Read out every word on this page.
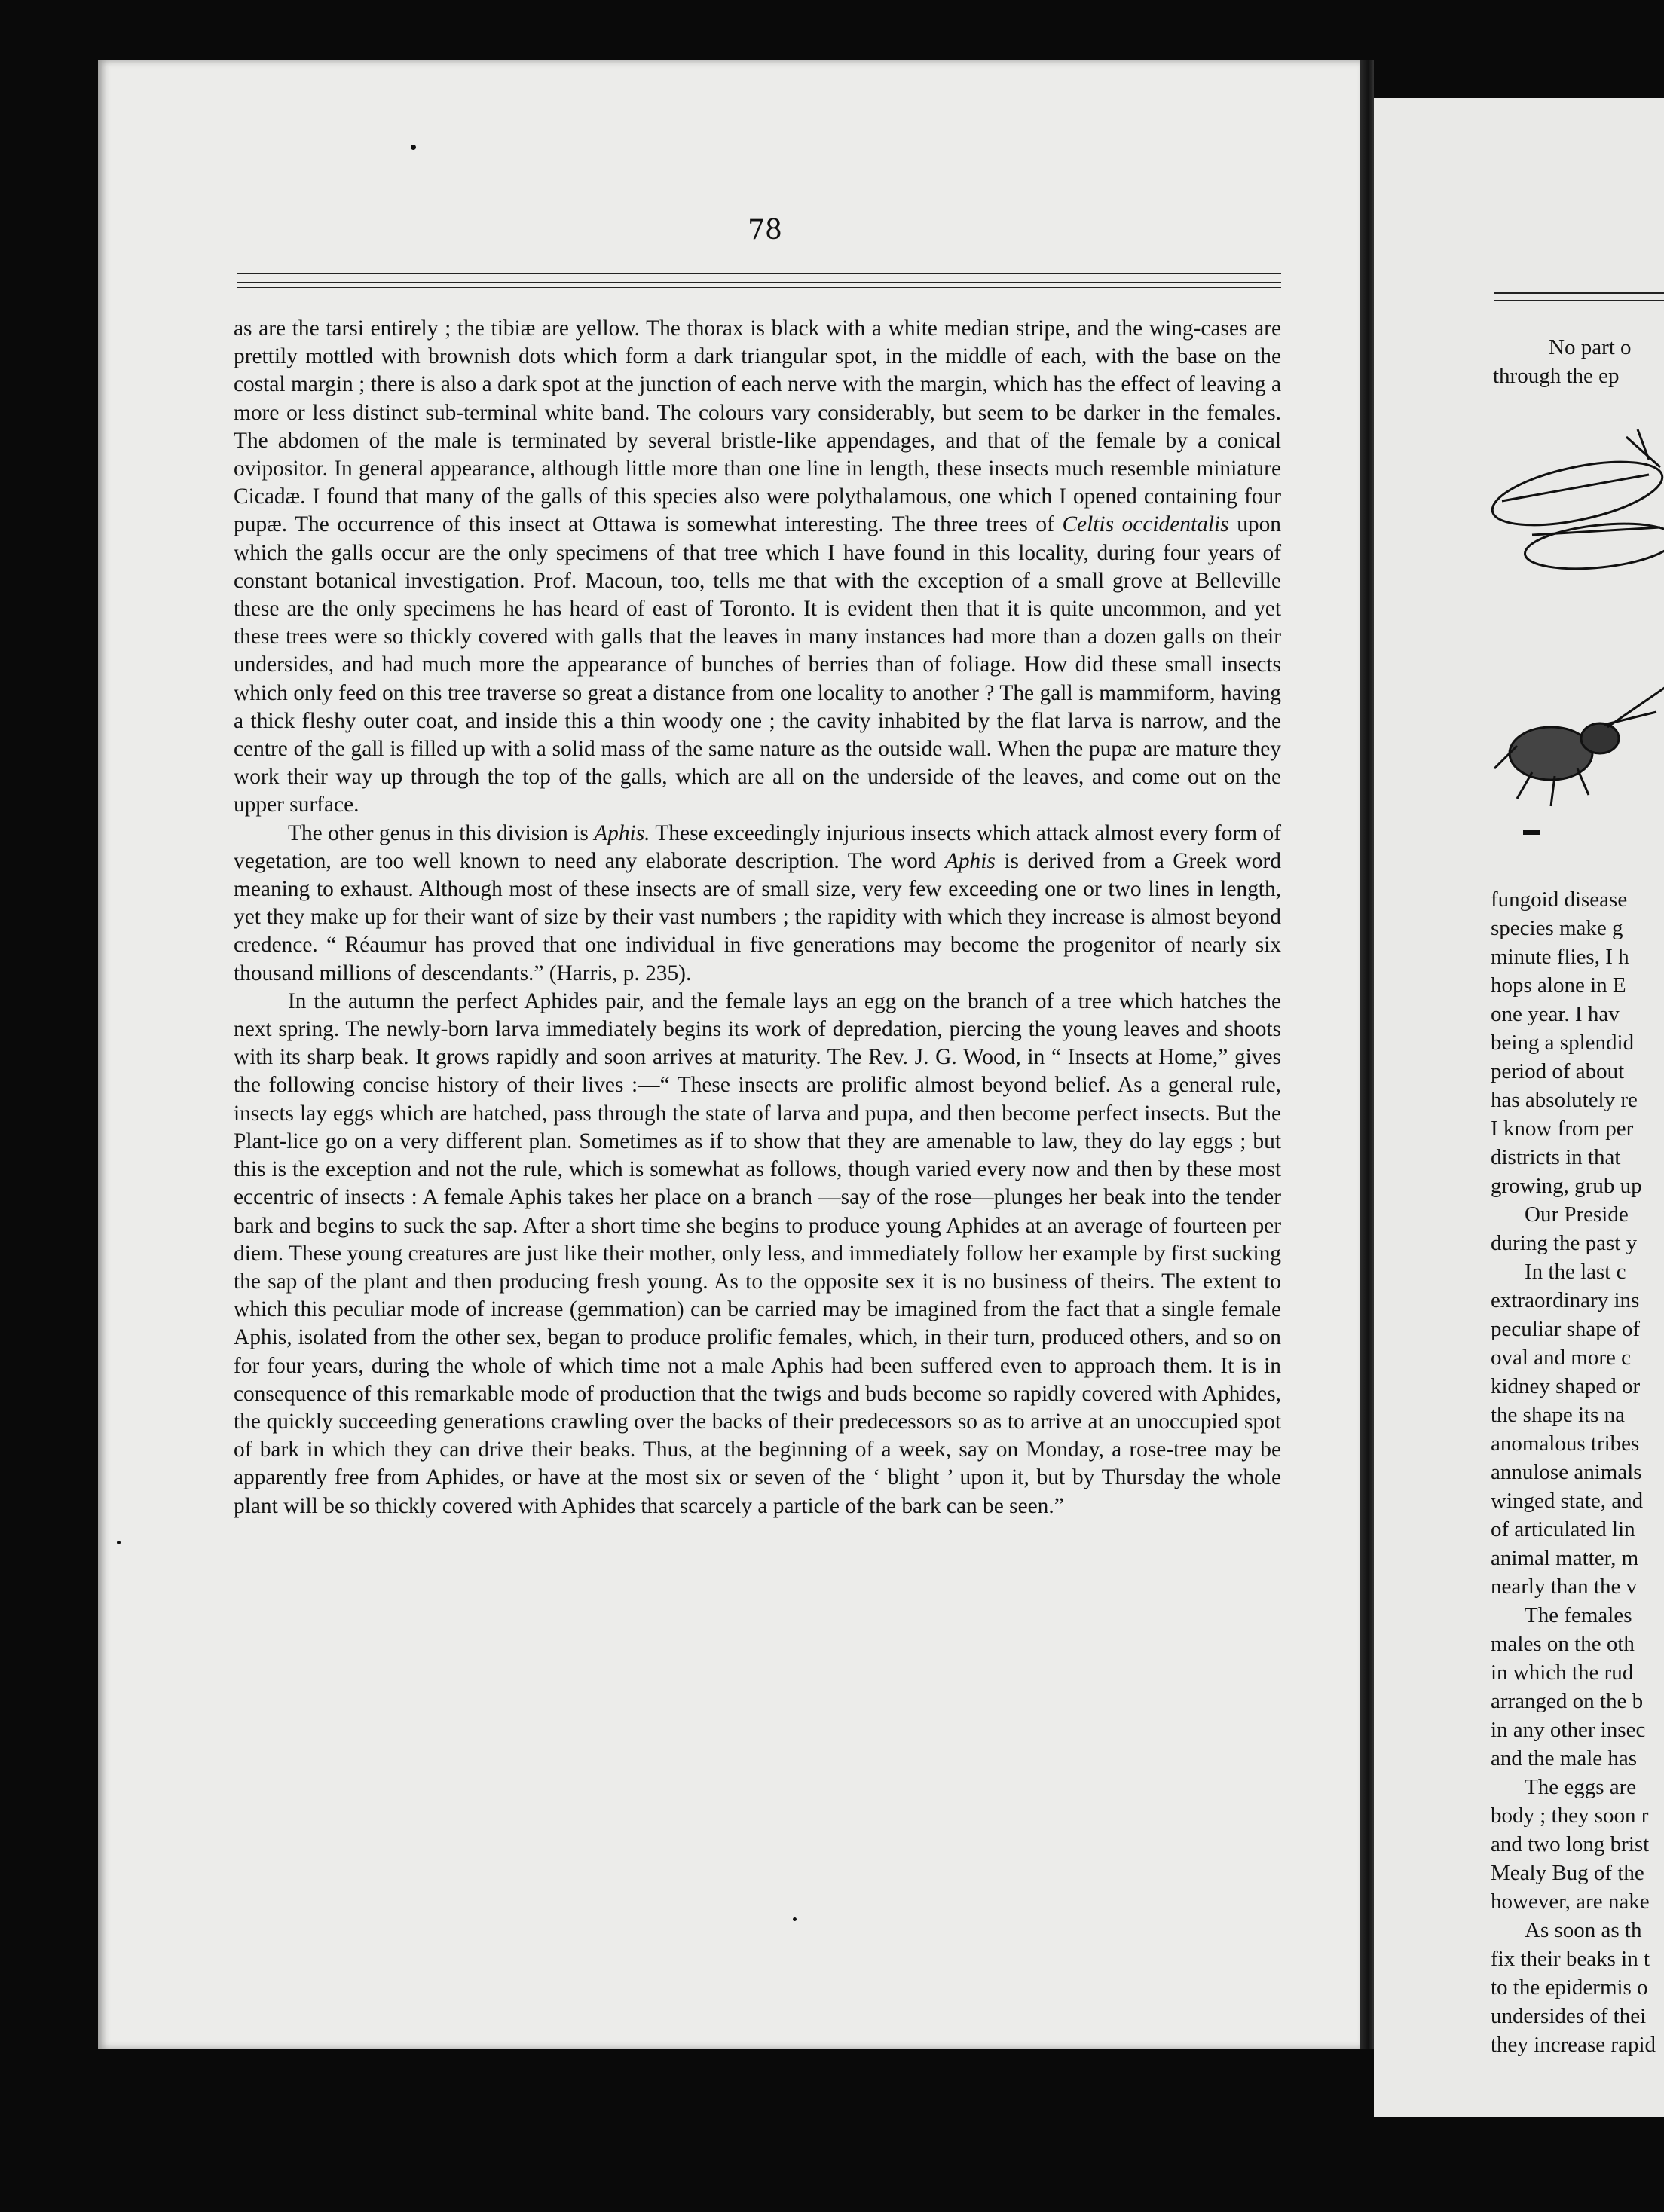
78

as are the tarsi entirely ; the tibiæ are yellow. The thorax is black with a white median stripe, and the wing-cases are prettily mottled with brownish dots which form a dark triangular spot, in the middle of each, with the base on the costal margin ; there is also a dark spot at the junction of each nerve with the margin, which has the effect of leaving a more or less distinct sub-terminal white band. The colours vary considerably, but seem to be darker in the females. The abdomen of the male is terminated by several bristle-like appendages, and that of the female by a conical ovipositor. In general appearance, although little more than one line in length, these insects much resemble miniature Cicadæ. I found that many of the galls of this species also were polythalamous, one which I opened containing four pupæ. The occurrence of this insect at Ottawa is somewhat interesting. The three trees of Celtis occidentalis upon which the galls occur are the only specimens of that tree which I have found in this locality, during four years of constant botanical investigation. Prof. Macoun, too, tells me that with the exception of a small grove at Belleville these are the only specimens he has heard of east of Toronto. It is evident then that it is quite uncommon, and yet these trees were so thickly covered with galls that the leaves in many instances had more than a dozen galls on their undersides, and had much more the appearance of bunches of berries than of foliage. How did these small insects which only feed on this tree traverse so great a distance from one locality to another ? The gall is mammiform, having a thick fleshy outer coat, and inside this a thin woody one ; the cavity inhabited by the flat larva is narrow, and the centre of the gall is filled up with a solid mass of the same nature as the outside wall. When the pupæ are mature they work their way up through the top of the galls, which are all on the underside of the leaves, and come out on the upper surface.

The other genus in this division is Aphis. These exceedingly injurious insects which attack almost every form of vegetation, are too well known to need any elaborate description. The word Aphis is derived from a Greek word meaning to exhaust. Although most of these insects are of small size, very few exceeding one or two lines in length, yet they make up for their want of size by their vast numbers ; the rapidity with which they increase is almost beyond credence. “ Réaumur has proved that one individual in five generations may become the progenitor of nearly six thousand millions of descendants.” (Harris, p. 235).

In the autumn the perfect Aphides pair, and the female lays an egg on the branch of a tree which hatches the next spring. The newly-born larva immediately begins its work of depredation, piercing the young leaves and shoots with its sharp beak. It grows rapidly and soon arrives at maturity. The Rev. J. G. Wood, in “ Insects at Home,” gives the following concise history of their lives :—“ These insects are prolific almost beyond belief. As a general rule, insects lay eggs which are hatched, pass through the state of larva and pupa, and then become perfect insects. But the Plant-lice go on a very different plan. Sometimes as if to show that they are amenable to law, they do lay eggs ; but this is the exception and not the rule, which is somewhat as follows, though varied every now and then by these most eccentric of insects : A female Aphis takes her place on a branch —say of the rose—plunges her beak into the tender bark and begins to suck the sap. After a short time she begins to produce young Aphides at an average of fourteen per diem. These young creatures are just like their mother, only less, and immediately follow her example by first sucking the sap of the plant and then producing fresh young. As to the opposite sex it is no business of theirs. The extent to which this peculiar mode of increase (gemmation) can be carried may be imagined from the fact that a single female Aphis, isolated from the other sex, began to produce prolific females, which, in their turn, produced others, and so on for four years, during the whole of which time not a male Aphis had been suffered even to approach them. It is in consequence of this remarkable mode of production that the twigs and buds become so rapidly covered with Aphides, the quickly succeeding generations crawling over the backs of their predecessors so as to arrive at an unoccupied spot of bark in which they can drive their beaks. Thus, at the beginning of a week, say on Monday, a rose-tree may be apparently free from Aphides, or have at the most six or seven of the ‘ blight ’ upon it, but by Thursday the whole plant will be so thickly covered with Aphides that scarcely a particle of the bark can be seen.”

No part o
through the ep
fungoid disease
species make g
minute flies, I h
hops alone in E
one year. I hav
being a splendid
period of about
has absolutely re
I know from per
districts in that
growing, grub up
Our Preside
during the past y
In the last c
extraordinary ins
peculiar shape of
oval and more c
kidney shaped or
the shape its na
anomalous tribes
annulose animals
winged state, and
of articulated lin
animal matter, m
nearly than the v
The females
males on the oth
in which the rud
arranged on the b
in any other insec
and the male has
The eggs are
body ; they soon r
and two long brist
Mealy Bug of the
however, are nake
As soon as th
fix their beaks in t
to the epidermis o
undersides of thei
they increase rapid
